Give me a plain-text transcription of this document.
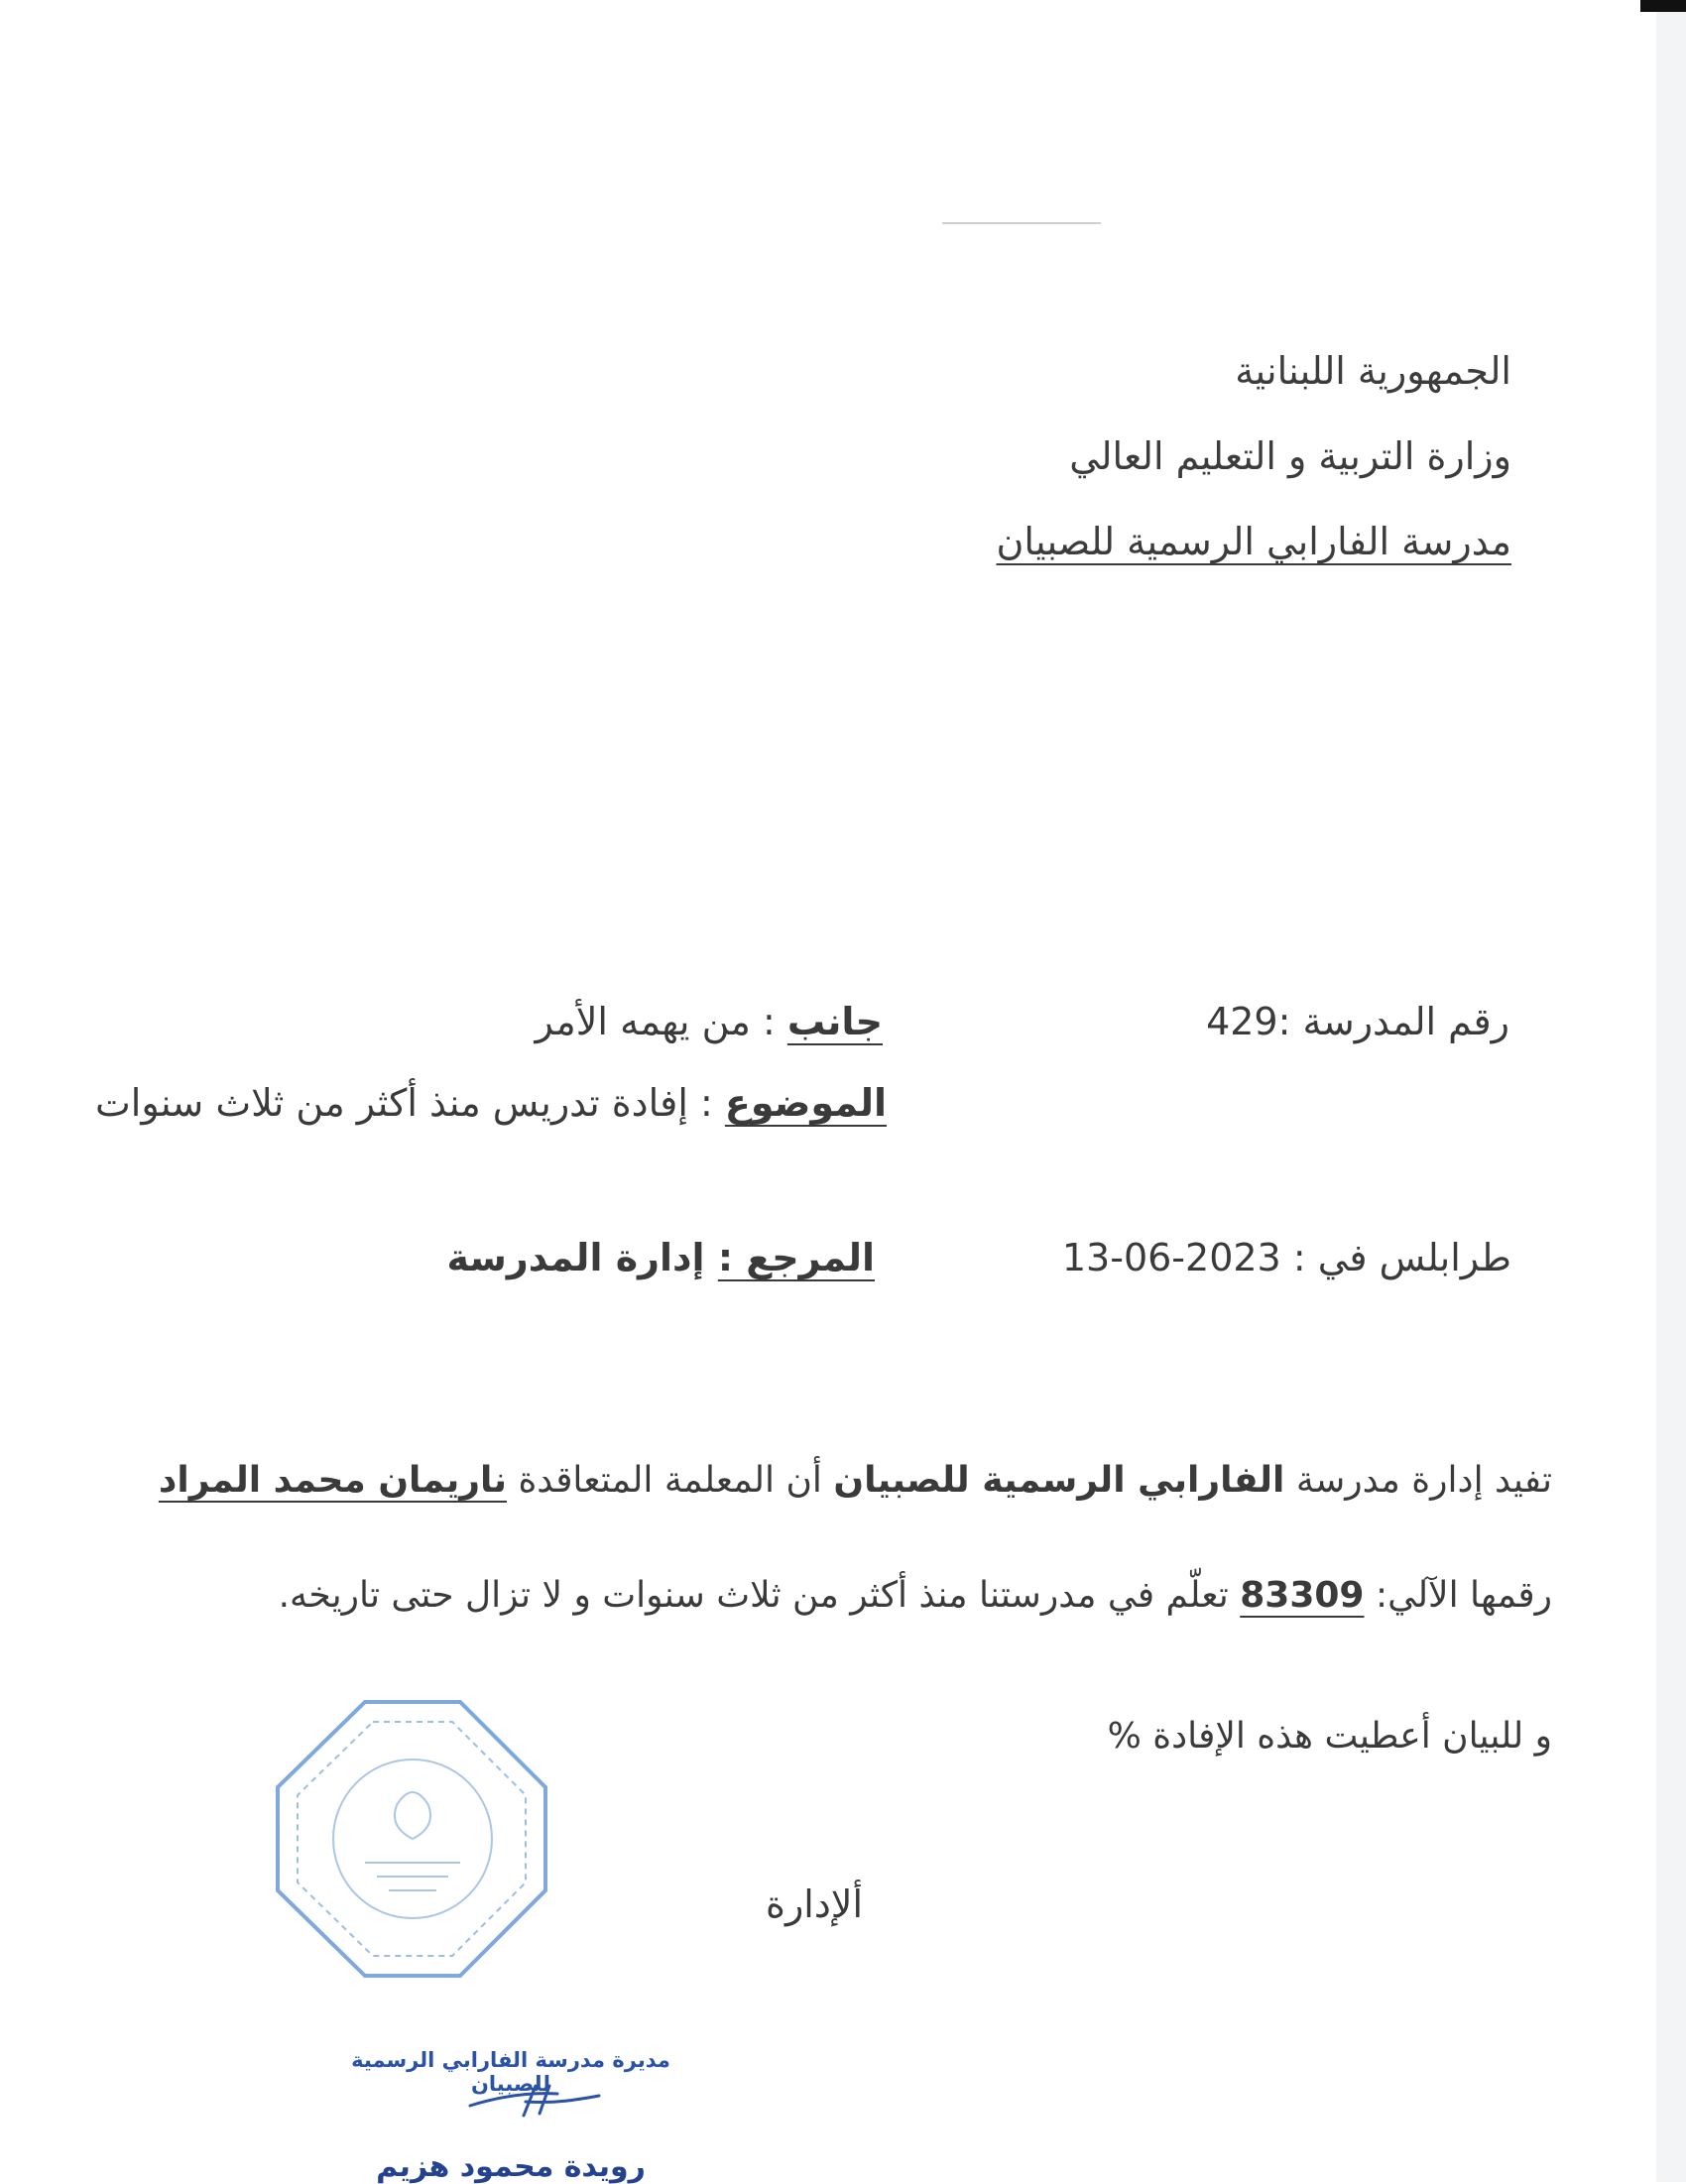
الجمهورية اللبنانية
وزارة التربية و التعليم العالي
مدرسة الفارابي الرسمية للصبيان
رقم المدرسة :429
جانب : من يهمه الأمر
الموضوع : إفادة تدريس منذ أكثر من ثلاث سنوات
طرابلس في : 2023-06-13
المرجع : إدارة المدرسة
تفيد إدارة مدرسة الفارابي الرسمية للصبيان أن المعلمة المتعاقدة ناريمان محمد المراد
رقمها الآلي: 83309 تعلّم في مدرستنا منذ أكثر من ثلاث سنوات و لا تزال حتى تاريخه.
و للبيان أعطيت هذه الإفادة %
ألإدارة
مديرة مدرسة الفارابي الرسمية للصبيان
رويدة محمود هزيم
